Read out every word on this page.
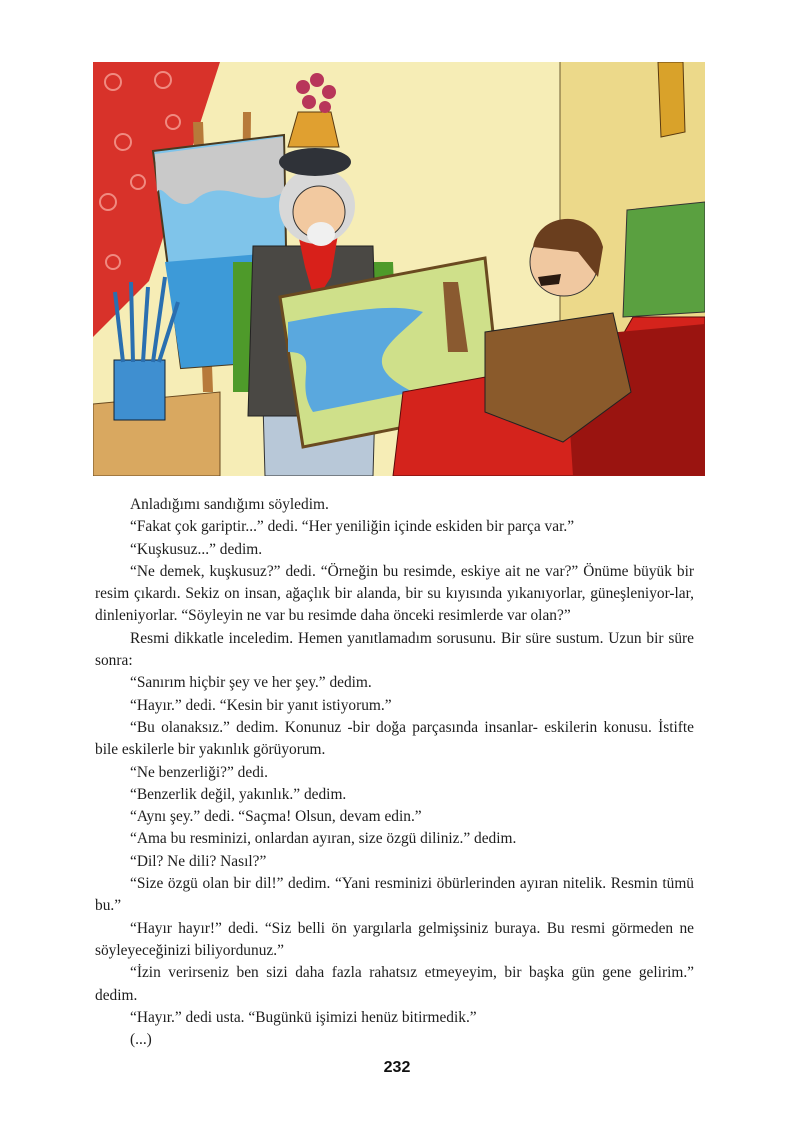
Anladığımı sandığımı söyledim.

“Fakat çok gariptir...” dedi. “Her yeniliğin içinde eskiden bir parça var.”

“Kuşkusuz...” dedim.

“Ne demek, kuşkusuz?” dedi. “Örneğin bu resimde, eskiye ait ne var?” Önüme büyük bir resim çıkardı. Sekiz on insan, ağaçlık bir alanda, bir su kıyısında yıkanıyorlar, güneşleniyor-lar, dinleniyorlar. “Söyleyin ne var bu resimde daha önceki resimlerde var olan?”

Resmi dikkatle inceledim. Hemen yanıtlamadım sorusunu. Bir süre sustum. Uzun bir süre sonra:

“Sanırım hiçbir şey ve her şey.” dedim.

“Hayır.” dedi. “Kesin bir yanıt istiyorum.”

“Bu olanaksız.” dedim. Konunuz -bir doğa parçasında insanlar- eskilerin konusu. İstifte bile eskilerle bir yakınlık görüyorum.

“Ne benzerliği?” dedi.

“Benzerlik değil, yakınlık.” dedim.

“Aynı şey.” dedi. “Saçma! Olsun, devam edin.”

“Ama bu resminizi, onlardan ayıran, size özgü diliniz.” dedim.

“Dil? Ne dili? Nasıl?”

“Size özgü olan bir dil!” dedim. “Yani resminizi öbürlerinden ayıran nitelik. Resmin tümü bu.”

“Hayır hayır!” dedi. “Siz belli ön yargılarla gelmişsiniz buraya. Bu resmi görmeden ne söyleyeceğinizi biliyordunuz.”

“İzin verirseniz ben sizi daha fazla rahatsız etmeyeyim, bir başka gün gene gelirim.” dedim.

“Hayır.” dedi usta. “Bugünkü işimizi henüz bitirmedik.”

(...)

232
